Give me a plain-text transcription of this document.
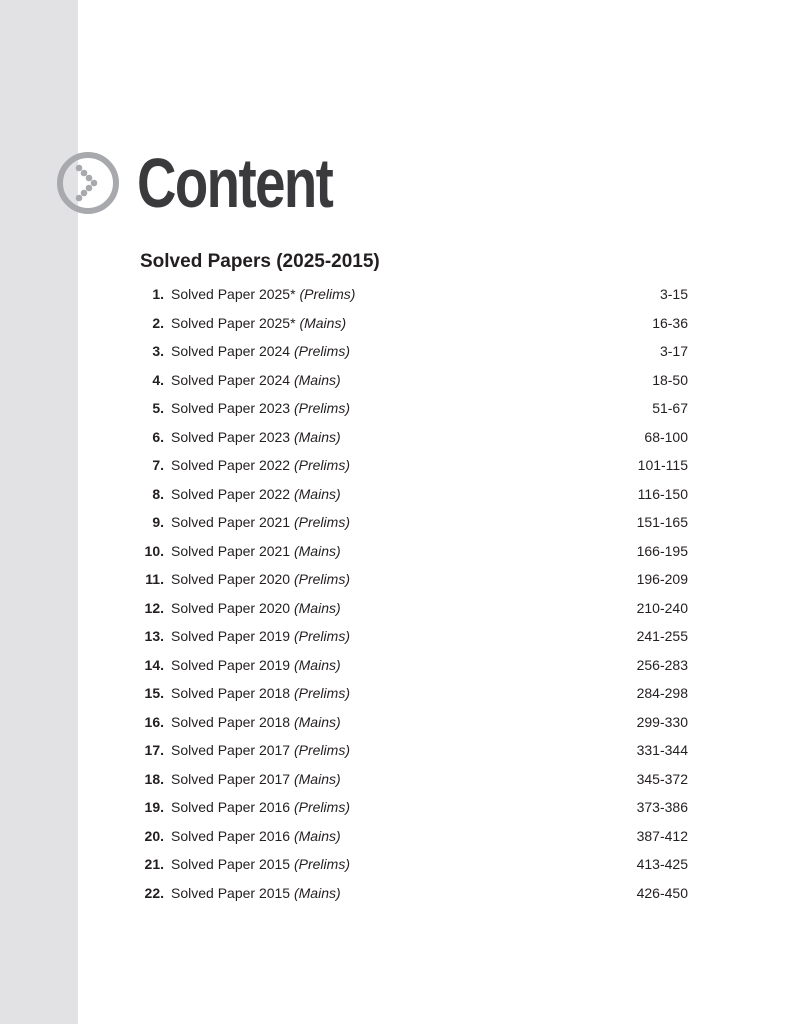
Content
Solved Papers (2025-2015)
1. Solved Paper 2025* (Prelims)	3-15
2. Solved Paper 2025* (Mains)	16-36
3. Solved Paper 2024 (Prelims)	3-17
4. Solved Paper 2024 (Mains)	18-50
5. Solved Paper 2023 (Prelims)	51-67
6. Solved Paper 2023 (Mains)	68-100
7. Solved Paper 2022 (Prelims)	101-115
8. Solved Paper 2022 (Mains)	116-150
9. Solved Paper 2021 (Prelims)	151-165
10. Solved Paper 2021 (Mains)	166-195
11. Solved Paper 2020 (Prelims)	196-209
12. Solved Paper 2020 (Mains)	210-240
13. Solved Paper 2019 (Prelims)	241-255
14. Solved Paper 2019 (Mains)	256-283
15. Solved Paper 2018 (Prelims)	284-298
16. Solved Paper 2018 (Mains)	299-330
17. Solved Paper 2017 (Prelims)	331-344
18. Solved Paper 2017 (Mains)	345-372
19. Solved Paper 2016 (Prelims)	373-386
20. Solved Paper 2016 (Mains)	387-412
21. Solved Paper 2015 (Prelims)	413-425
22. Solved Paper 2015 (Mains)	426-450
